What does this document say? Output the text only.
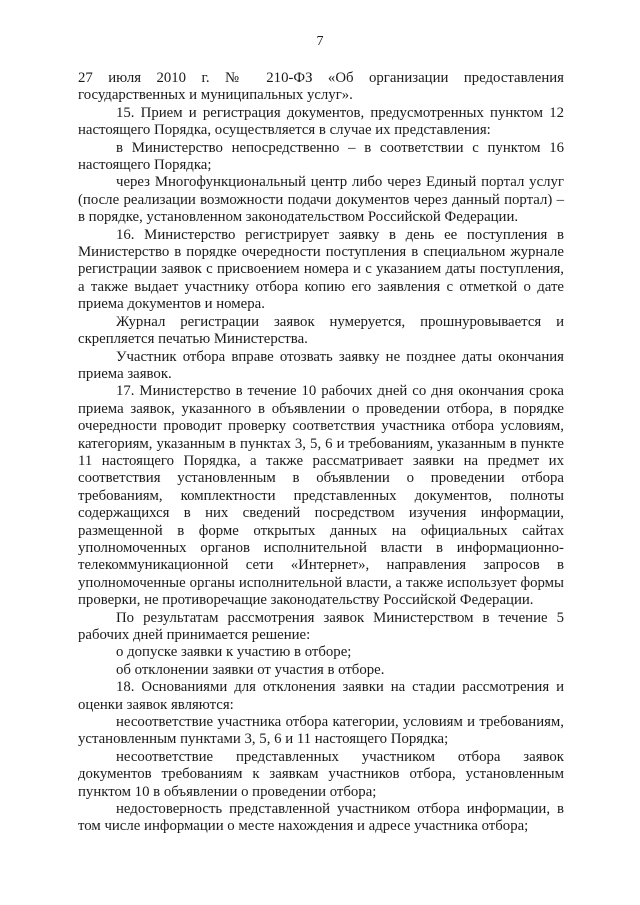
7

27 июля 2010 г. № 210-ФЗ «Об организации предоставления государственных и муниципальных услуг».

15. Прием и регистрация документов, предусмотренных пунктом 12 настоящего Порядка, осуществляется в случае их представления:

в Министерство непосредственно – в соответствии с пунктом 16 настоящего Порядка;

через Многофункциональный центр либо через Единый портал услуг (после реализации возможности подачи документов через данный портал) – в порядке, установленном законодательством Российской Федерации.

16. Министерство регистрирует заявку в день ее поступления в Министерство в порядке очередности поступления в специальном журнале регистрации заявок с присвоением номера и с указанием даты поступления, а также выдает участнику отбора копию его заявления с отметкой о дате приема документов и номера.

Журнал регистрации заявок нумеруется, прошнуровывается и скрепляется печатью Министерства.

Участник отбора вправе отозвать заявку не позднее даты окончания приема заявок.

17. Министерство в течение 10 рабочих дней со дня окончания срока приема заявок, указанного в объявлении о проведении отбора, в порядке очередности проводит проверку соответствия участника отбора условиям, категориям, указанным в пунктах 3, 5, 6 и требованиям, указанным в пункте 11 настоящего Порядка, а также рассматривает заявки на предмет их соответствия установленным в объявлении о проведении отбора требованиям, комплектности представленных документов, полноты содержащихся в них сведений посредством изучения информации, размещенной в форме открытых данных на официальных сайтах уполномоченных органов исполнительной власти в информационно-телекоммуникационной сети «Интернет», направления запросов в уполномоченные органы исполнительной власти, а также использует формы проверки, не противоречащие законодательству Российской Федерации.

По результатам рассмотрения заявок Министерством в течение 5 рабочих дней принимается решение:

о допуске заявки к участию в отборе;

об отклонении заявки от участия в отборе.

18. Основаниями для отклонения заявки на стадии рассмотрения и оценки заявок являются:

несоответствие участника отбора категории, условиям и требованиям, установленным пунктами 3, 5, 6 и 11 настоящего Порядка;

несоответствие представленных участником отбора заявок документов требованиям к заявкам участников отбора, установленным пунктом 10 в объявлении о проведении отбора;

недостоверность представленной участником отбора информации, в том числе информации о месте нахождения и адресе участника отбора;
